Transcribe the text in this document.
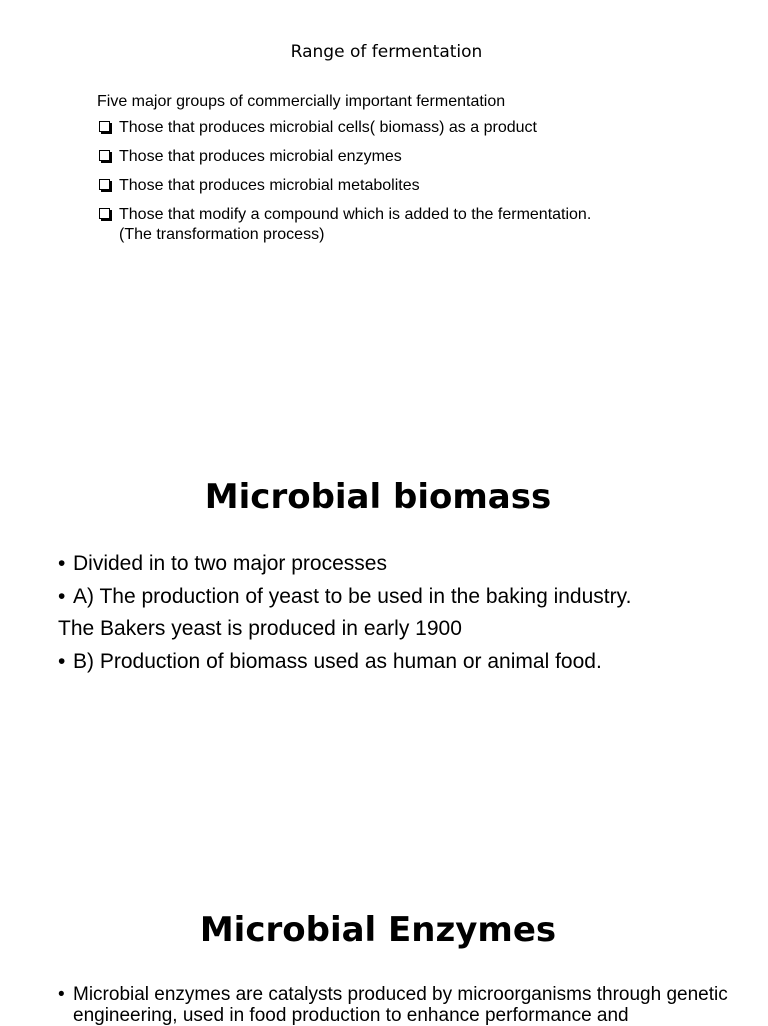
Range of fermentation
Five major groups of commercially important fermentation
Those that produces microbial cells( biomass) as a product
Those that produces microbial enzymes
Those that produces microbial metabolites
Those that modify a compound which is added to the fermentation.
(The transformation process)
Microbial biomass
• Divided in to two major processes
• A) The production of yeast to be used in the baking industry.
The Bakers yeast is produced in early 1900
• B) Production of biomass used as human or animal food.
Microbial Enzymes
• Microbial enzymes are catalysts produced by microorganisms through genetic engineering, used in food production to enhance performance and
